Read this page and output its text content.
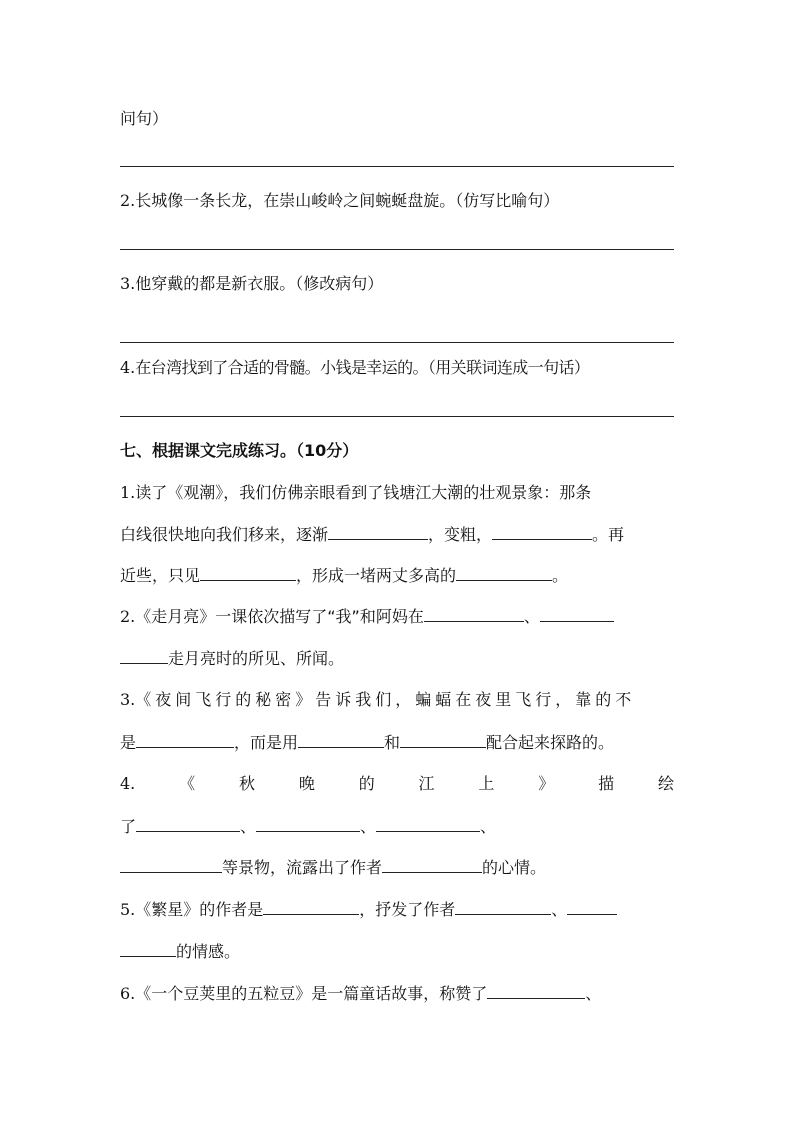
问句）
2.长城像一条长龙，在崇山峻岭之间蜿蜒盘旋。（仿写比喻句）
3.他穿戴的都是新衣服。（修改病句）
4.在台湾找到了合适的骨髓。小钱是幸运的。（用关联词连成一句话）
七、根据课文完成练习。（10分）
1.读了《观潮》，我们仿佛亲眼看到了钱塘江大潮的壮观景象：那条
白线很快地向我们移来，逐渐	，变粗，	。再
近些，只见	，形成一堵两丈多高的	。
2.《走月亮》一课依次描写了“我”和阿妈在	、
走月亮时的所见、所闻。
3.《夜间飞行的秘密》告诉我们，蝙蝠在夜里飞行，靠的不
是	，而是用	和	配合起来探路的。
4.	《	秋	晚	的	江	上	》	描	绘
了	、	、	、
等景物，流露出了作者	的心情。
5.《繁星》的作者是	，抒发了作者	、
的情感。
6.《一个豆荚里的五粒豆》是一篇童话故事，称赞了	、
